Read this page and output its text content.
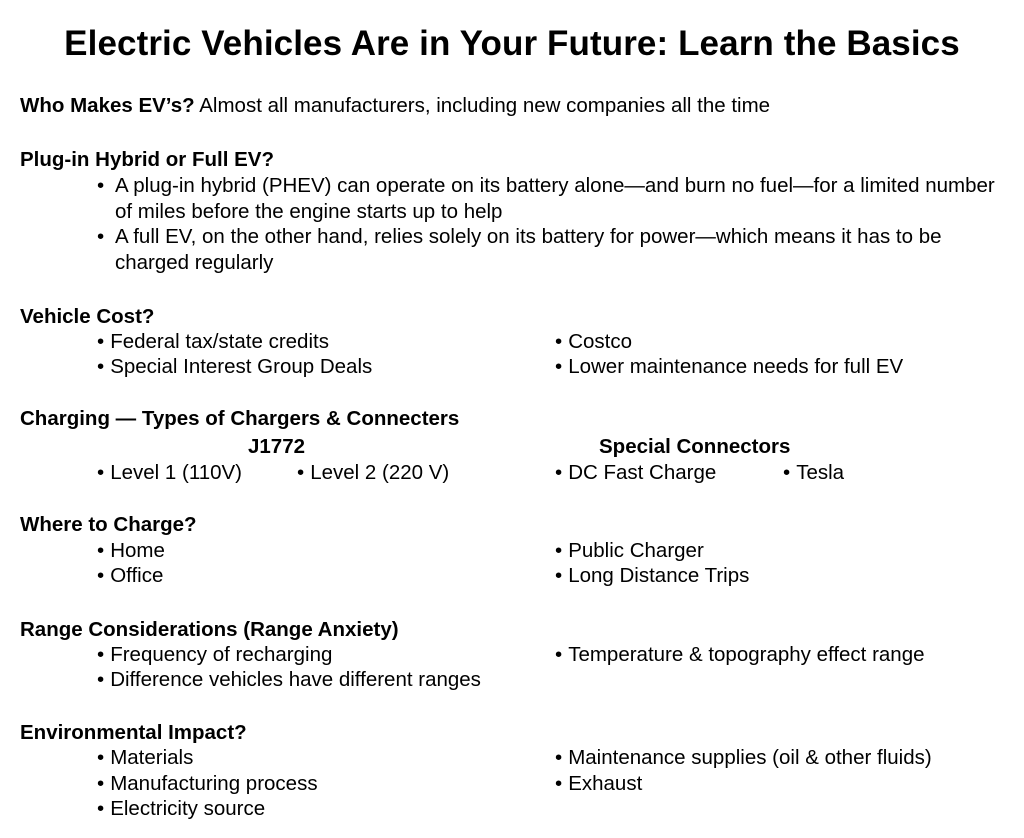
Electric Vehicles Are in Your Future: Learn the Basics
Who Makes EV’s? Almost all manufacturers, including new companies all the time
Plug-in Hybrid or Full EV?
• A plug-in hybrid (PHEV) can operate on its battery alone—and burn no fuel—for a limited number of miles before the engine starts up to help
• A full EV, on the other hand, relies solely on its battery for power—which means it has to be charged regularly
Vehicle Cost?
• Federal tax/state credits
• Special Interest Group Deals
• Costco
• Lower maintenance needs for full EV
Charging — Types of Chargers & Connecters
J1772	Special Connectors
• Level 1 (110V)	• Level 2 (220 V)	• DC Fast Charge	• Tesla
Where to Charge?
• Home
• Office
• Public Charger
• Long Distance Trips
Range Considerations (Range Anxiety)
• Frequency of recharging
• Difference vehicles have different ranges
• Temperature & topography effect range
Environmental Impact?
• Materials
• Manufacturing process
• Electricity source
• Maintenance supplies (oil & other fluids)
• Exhaust
